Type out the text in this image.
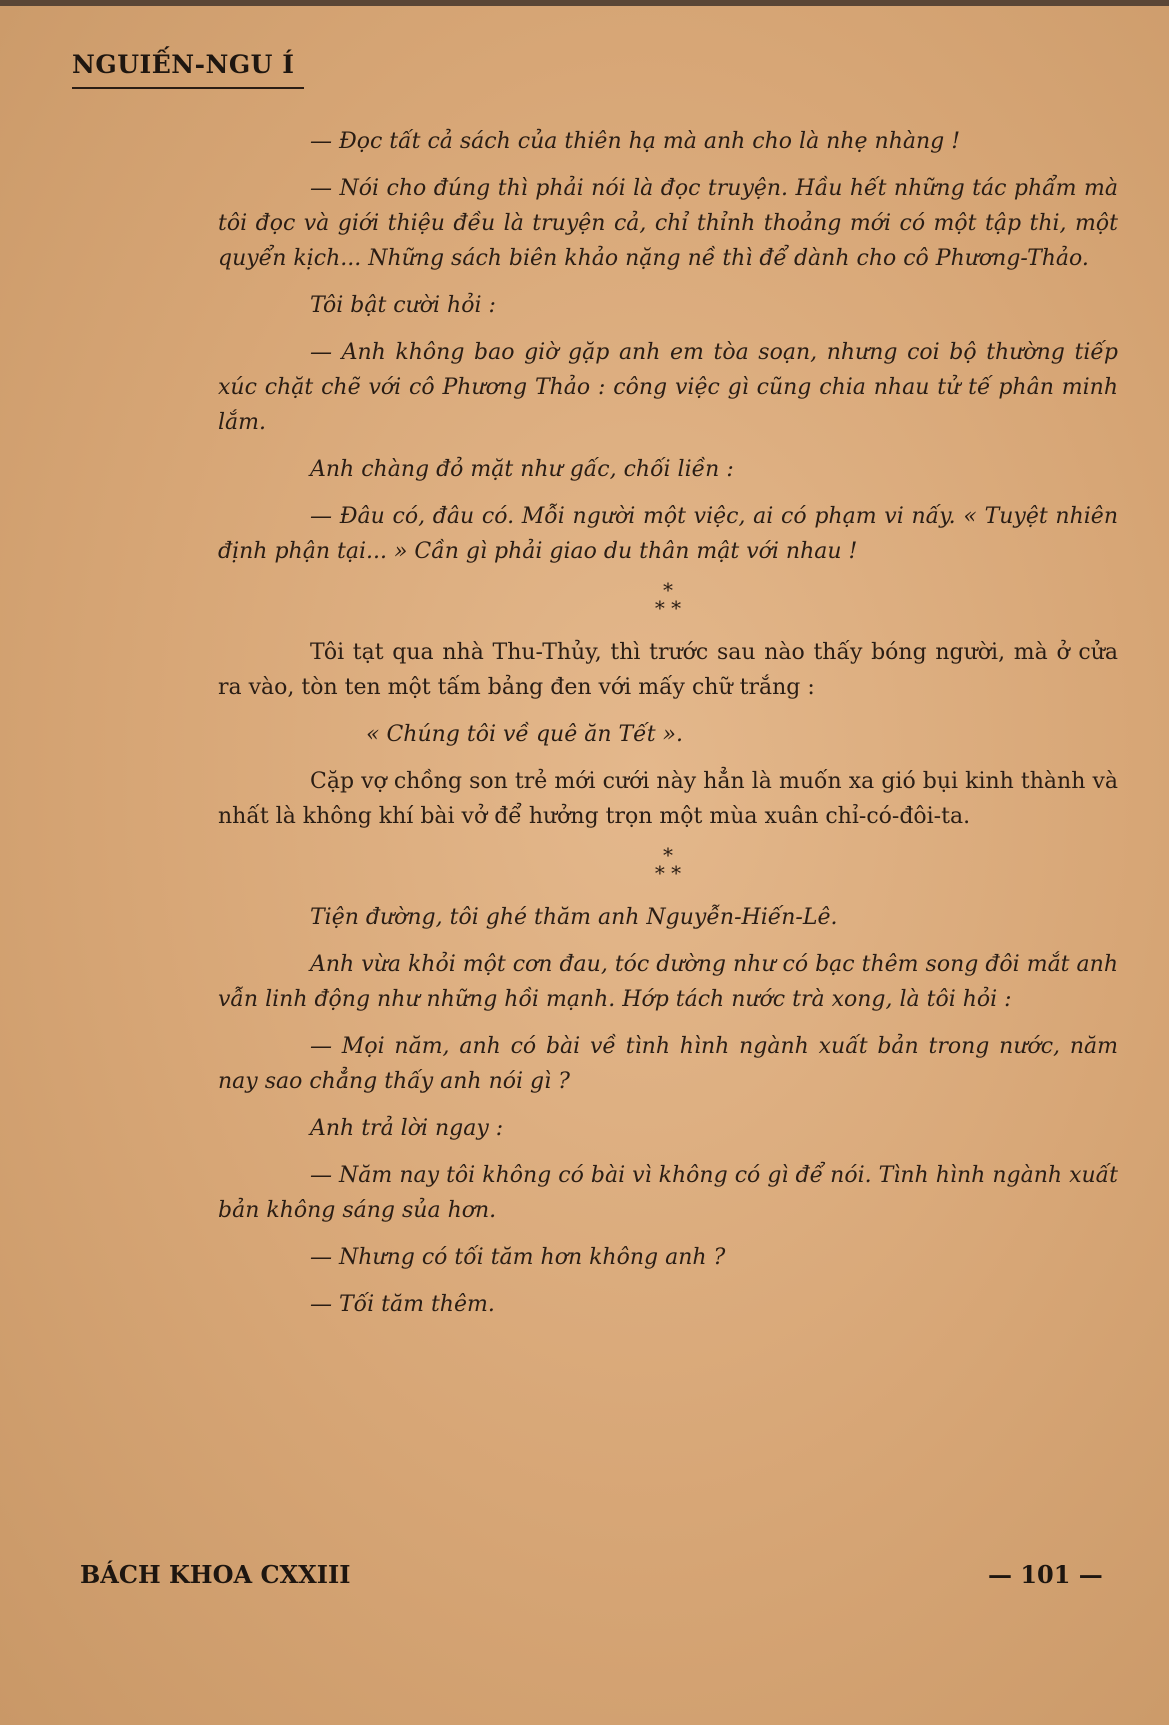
NGUIẾN-NGU Í

— Đọc tất cả sách của thiên hạ mà anh cho là nhẹ nhàng !

— Nói cho đúng thì phải nói là đọc truyện. Hầu hết những tác phẩm mà tôi đọc và giới thiệu đều là truyện cả, chỉ thỉnh thoảng mới có một tập thi, một quyển kịch... Những sách biên khảo nặng nề thì để dành cho cô Phương-Thảo.

Tôi bật cười hỏi :

— Anh không bao giờ gặp anh em tòa soạn, nhưng coi bộ thường tiếp xúc chặt chẽ với cô Phương Thảo : công việc gì cũng chia nhau tử tế phân minh lắm.

Anh chàng đỏ mặt như gấc, chối liền :

— Đâu có, đâu có. Mỗi người một việc, ai có phạm vi nấy. « Tuyệt nhiên định phận tại... » Cần gì phải giao du thân mật với nhau !

*
* *

Tôi tạt qua nhà Thu-Thủy, thì trước sau nào thấy bóng người, mà ở cửa ra vào, tòn ten một tấm bảng đen với mấy chữ trắng :

« Chúng tôi về quê ăn Tết ».

Cặp vợ chồng son trẻ mới cưới này hẳn là muốn xa gió bụi kinh thành và nhất là không khí bài vở để hưởng trọn một mùa xuân chỉ-có-đôi-ta.

*
* *

Tiện đường, tôi ghé thăm anh Nguyễn-Hiến-Lê.

Anh vừa khỏi một cơn đau, tóc dường như có bạc thêm song đôi mắt anh vẫn linh động như những hồi mạnh. Hớp tách nước trà xong, là tôi hỏi :

— Mọi năm, anh có bài về tình hình ngành xuất bản trong nước, năm nay sao chẳng thấy anh nói gì ?

Anh trả lời ngay :

— Năm nay tôi không có bài vì không có gì để nói. Tình hình ngành xuất bản không sáng sủa hơn.

— Nhưng có tối tăm hơn không anh ?

— Tối tăm thêm.

BÁCH KHOA CXXIII	— 101 —
